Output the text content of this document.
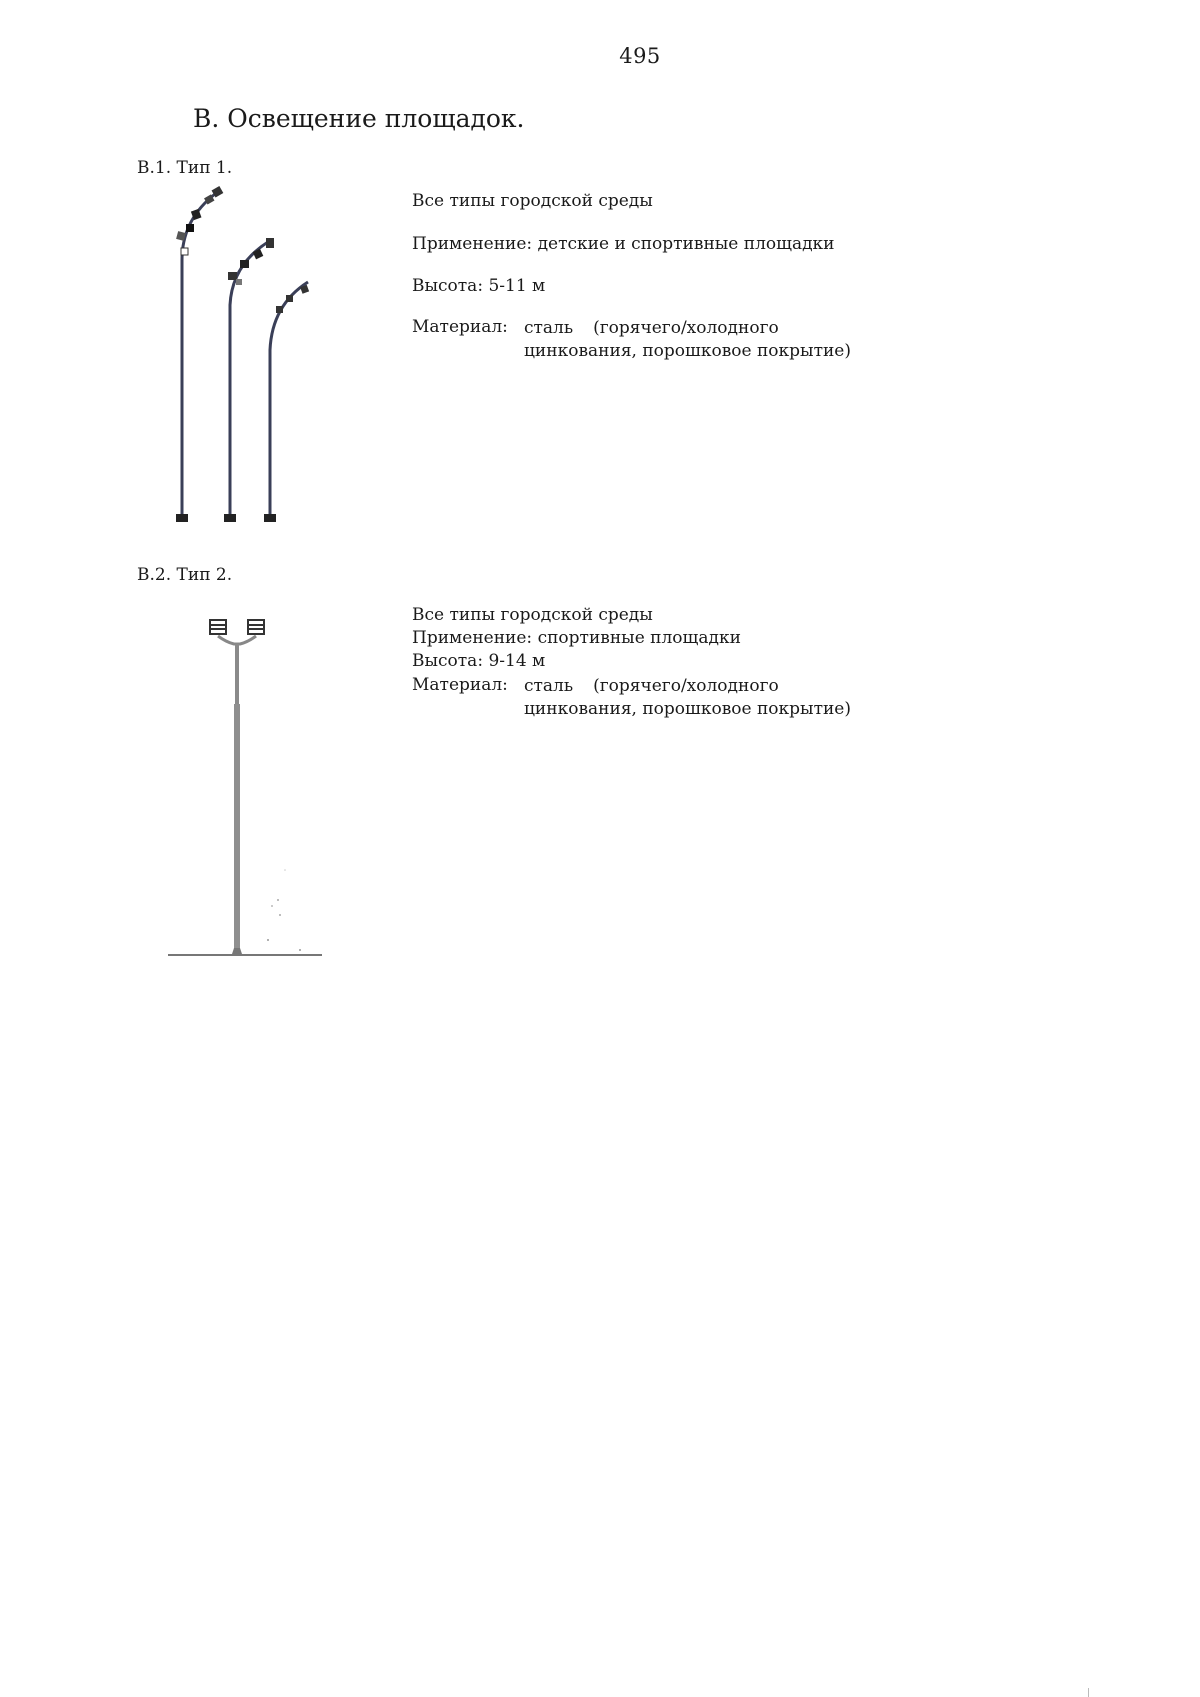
495
В. Освещение площадок.
В.1. Тип 1.
Все типы городской среды
Применение: детские и спортивные площадки
Высота: 5-11 м
Материал: сталь (горячего/холодного
цинкования, порошковое покрытие)
В.2. Тип 2.
Все типы городской среды
Применение: спортивные площадки
Высота: 9-14 м
Материал: сталь (горячего/холодного
цинкования, порошковое покрытие)
